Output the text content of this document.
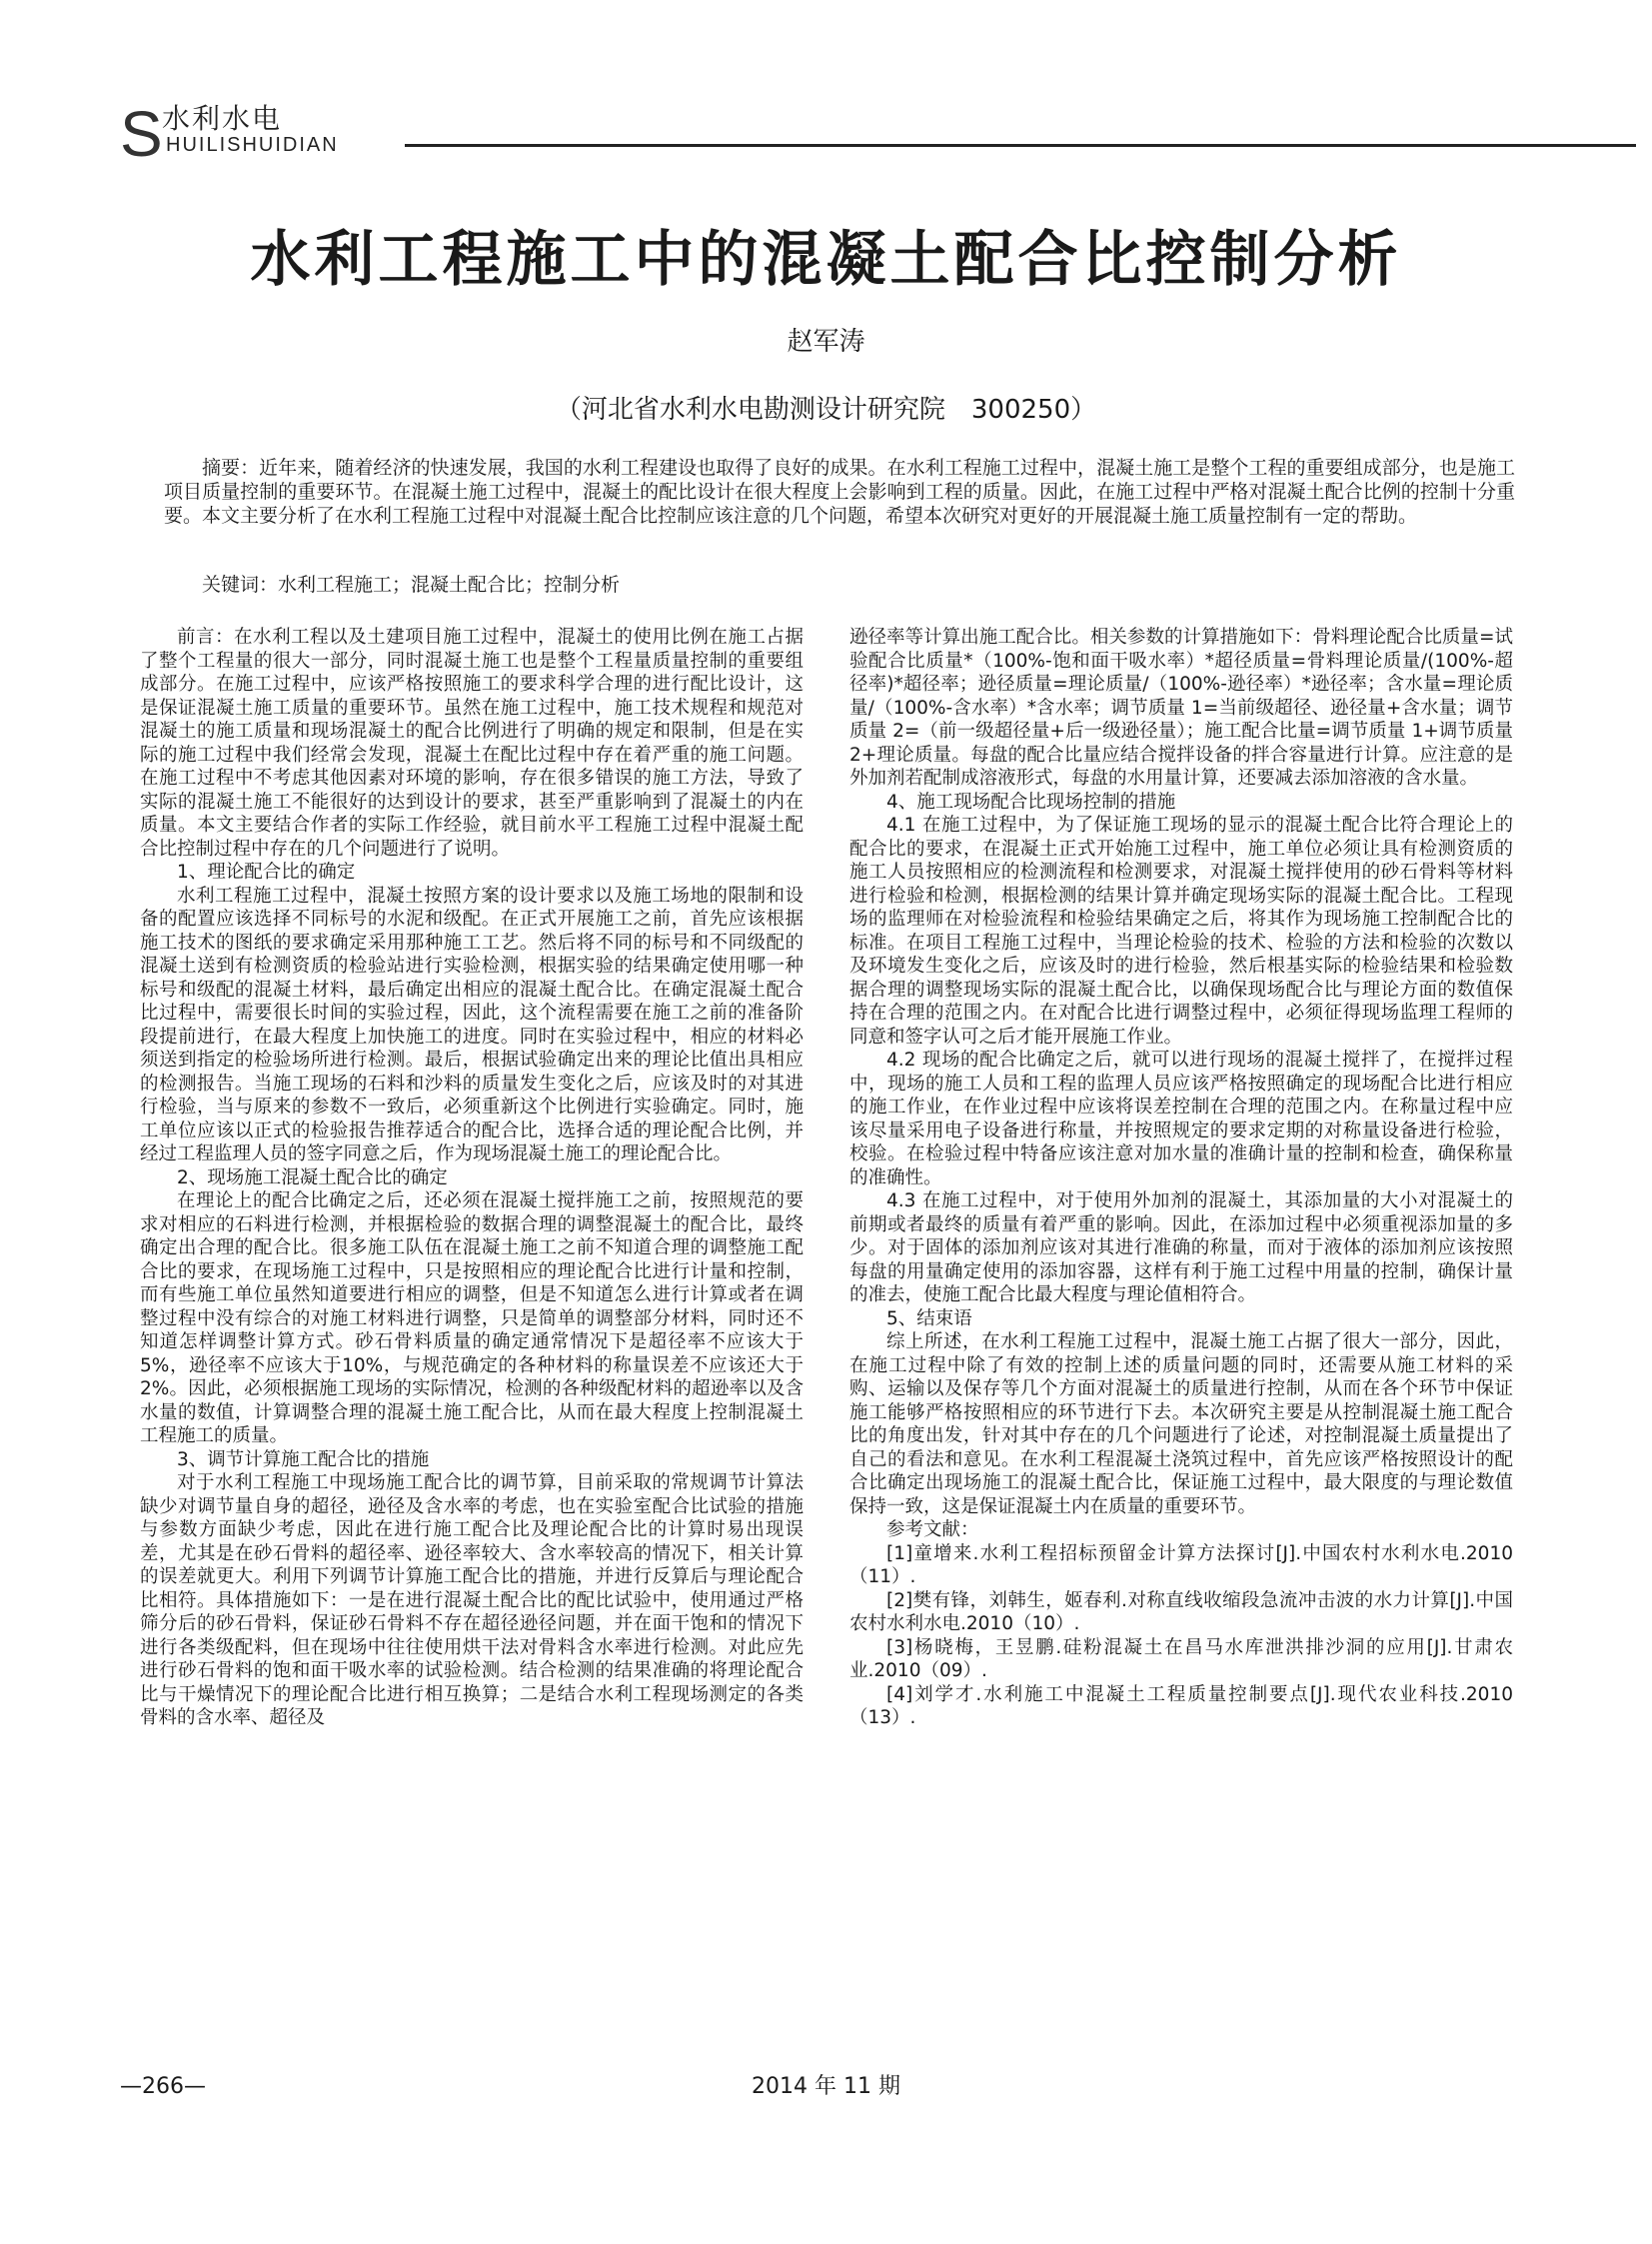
S 水利水电
HUILISHUIDIAN
水利工程施工中的混凝土配合比控制分析
赵军涛
（河北省水利水电勘测设计研究院　300250）

摘要：近年来，随着经济的快速发展，我国的水利工程建设也取得了良好的成果。在水利工程施工过程中，混凝土施工是整个工程的重要组成部分，也是施工项目质量控制的重要环节。在混凝土施工过程中，混凝土的配比设计在很大程度上会影响到工程的质量。因此，在施工过程中严格对混凝土配合比例的控制十分重要。本文主要分析了在水利工程施工过程中对混凝土配合比控制应该注意的几个问题，希望本次研究对更好的开展混凝土施工质量控制有一定的帮助。

关键词：水利工程施工；混凝土配合比；控制分析

前言：在水利工程以及土建项目施工过程中，混凝土的使用比例在施工占据了整个工程量的很大一部分，同时混凝土施工也是整个工程量质量控制的重要组成部分。在施工过程中，应该严格按照施工的要求科学合理的进行配比设计，这是保证混凝土施工质量的重要环节。虽然在施工过程中，施工技术规程和规范对混凝土的施工质量和现场混凝土的配合比例进行了明确的规定和限制，但是在实际的施工过程中我们经常会发现，混凝土在配比过程中存在着严重的施工问题。在施工过程中不考虑其他因素对环境的影响，存在很多错误的施工方法，导致了实际的混凝土施工不能很好的达到设计的要求，甚至严重影响到了混凝土的内在质量。本文主要结合作者的实际工作经验，就目前水平工程施工过程中混凝土配合比控制过程中存在的几个问题进行了说明。

1、理论配合比的确定

水利工程施工过程中，混凝土按照方案的设计要求以及施工场地的限制和设备的配置应该选择不同标号的水泥和级配。在正式开展施工之前，首先应该根据施工技术的图纸的要求确定采用那种施工工艺。然后将不同的标号和不同级配的混凝土送到有检测资质的检验站进行实验检测，根据实验的结果确定使用哪一种标号和级配的混凝土材料，最后确定出相应的混凝土配合比。在确定混凝土配合比过程中，需要很长时间的实验过程，因此，这个流程需要在施工之前的准备阶段提前进行，在最大程度上加快施工的进度。同时在实验过程中，相应的材料必须送到指定的检验场所进行检测。最后，根据试验确定出来的理论比值出具相应的检测报告。当施工现场的石料和沙料的质量发生变化之后，应该及时的对其进行检验，当与原来的参数不一致后，必须重新这个比例进行实验确定。同时，施工单位应该以正式的检验报告推荐适合的配合比，选择合适的理论配合比例，并经过工程监理人员的签字同意之后，作为现场混凝土施工的理论配合比。

2、现场施工混凝土配合比的确定

在理论上的配合比确定之后，还必须在混凝土搅拌施工之前，按照规范的要求对相应的石料进行检测，并根据检验的数据合理的调整混凝土的配合比，最终确定出合理的配合比。很多施工队伍在混凝土施工之前不知道合理的调整施工配合比的要求，在现场施工过程中，只是按照相应的理论配合比进行计量和控制，而有些施工单位虽然知道要进行相应的调整，但是不知道怎么进行计算或者在调整过程中没有综合的对施工材料进行调整，只是简单的调整部分材料，同时还不知道怎样调整计算方式。砂石骨料质量的确定通常情况下是超径率不应该大于5%，逊径率不应该大于10%，与规范确定的各种材料的称量误差不应该还大于2%。因此，必须根据施工现场的实际情况，检测的各种级配材料的超逊率以及含水量的数值，计算调整合理的混凝土施工配合比，从而在最大程度上控制混凝土工程施工的质量。

3、调节计算施工配合比的措施

对于水利工程施工中现场施工配合比的调节算，目前采取的常规调节计算法缺少对调节量自身的超径，逊径及含水率的考虑，也在实验室配合比试验的措施与参数方面缺少考虑，因此在进行施工配合比及理论配合比的计算时易出现误差，尤其是在砂石骨料的超径率、逊径率较大、含水率较高的情况下，相关计算的误差就更大。利用下列调节计算施工配合比的措施，并进行反算后与理论配合比相符。具体措施如下：一是在进行混凝土配合比的配比试验中，使用通过严格筛分后的砂石骨料，保证砂石骨料不存在超径逊径问题，并在面干饱和的情况下进行各类级配料，但在现场中往往使用烘干法对骨料含水率进行检测。对此应先进行砂石骨料的饱和面干吸水率的试验检测。结合检测的结果准确的将理论配合比与干燥情况下的理论配合比进行相互换算；二是结合水利工程现场测定的各类骨料的含水率、超径及

逊径率等计算出施工配合比。相关参数的计算措施如下：骨料理论配合比质量=试验配合比质量*（100%-饱和面干吸水率）*超径质量=骨料理论质量/(100%-超径率)*超径率；逊径质量=理论质量/（100%-逊径率）*逊径率；含水量=理论质量/（100%-含水率）*含水率；调节质量 1=当前级超径、逊径量+含水量；调节质量 2=（前一级超径量+后一级逊径量）；施工配合比量=调节质量 1+调节质量 2+理论质量。每盘的配合比量应结合搅拌设备的拌合容量进行计算。应注意的是外加剂若配制成溶液形式，每盘的水用量计算，还要减去添加溶液的含水量。

4、施工现场配合比现场控制的措施

4.1 在施工过程中，为了保证施工现场的显示的混凝土配合比符合理论上的配合比的要求，在混凝土正式开始施工过程中，施工单位必须让具有检测资质的施工人员按照相应的检测流程和检测要求，对混凝土搅拌使用的砂石骨料等材料进行检验和检测，根据检测的结果计算并确定现场实际的混凝土配合比。工程现场的监理师在对检验流程和检验结果确定之后，将其作为现场施工控制配合比的标准。在项目工程施工过程中，当理论检验的技术、检验的方法和检验的次数以及环境发生变化之后，应该及时的进行检验，然后根基实际的检验结果和检验数据合理的调整现场实际的混凝土配合比，以确保现场配合比与理论方面的数值保持在合理的范围之内。在对配合比进行调整过程中，必须征得现场监理工程师的同意和签字认可之后才能开展施工作业。

4.2 现场的配合比确定之后，就可以进行现场的混凝土搅拌了，在搅拌过程中，现场的施工人员和工程的监理人员应该严格按照确定的现场配合比进行相应的施工作业，在作业过程中应该将误差控制在合理的范围之内。在称量过程中应该尽量采用电子设备进行称量，并按照规定的要求定期的对称量设备进行检验，校验。在检验过程中特备应该注意对加水量的准确计量的控制和检查，确保称量的准确性。

4.3 在施工过程中，对于使用外加剂的混凝土，其添加量的大小对混凝土的前期或者最终的质量有着严重的影响。因此，在添加过程中必须重视添加量的多少。对于固体的添加剂应该对其进行准确的称量，而对于液体的添加剂应该按照每盘的用量确定使用的添加容器，这样有利于施工过程中用量的控制，确保计量的准去，使施工配合比最大程度与理论值相符合。

5、结束语

综上所述，在水利工程施工过程中，混凝土施工占据了很大一部分，因此，在施工过程中除了有效的控制上述的质量问题的同时，还需要从施工材料的采购、运输以及保存等几个方面对混凝土的质量进行控制，从而在各个环节中保证施工能够严格按照相应的环节进行下去。本次研究主要是从控制混凝土施工配合比的角度出发，针对其中存在的几个问题进行了论述，对控制混凝土质量提出了自己的看法和意见。在水利工程混凝土浇筑过程中，首先应该严格按照设计的配合比确定出现场施工的混凝土配合比，保证施工过程中，最大限度的与理论数值保持一致，这是保证混凝土内在质量的重要环节。

参考文献：

[1]童增来.水利工程招标预留金计算方法探讨[J].中国农村水利水电.2010（11）.

[2]樊有锋，刘韩生，姬春利.对称直线收缩段急流冲击波的水力计算[J].中国农村水利水电.2010（10）.

[3]杨晓梅，王昱鹏.硅粉混凝土在昌马水库泄洪排沙洞的应用[J].甘肃农业.2010（09）.

[4]刘学才.水利施工中混凝土工程质量控制要点[J].现代农业科技.2010（13）.

—266—	2014 年 11 期
